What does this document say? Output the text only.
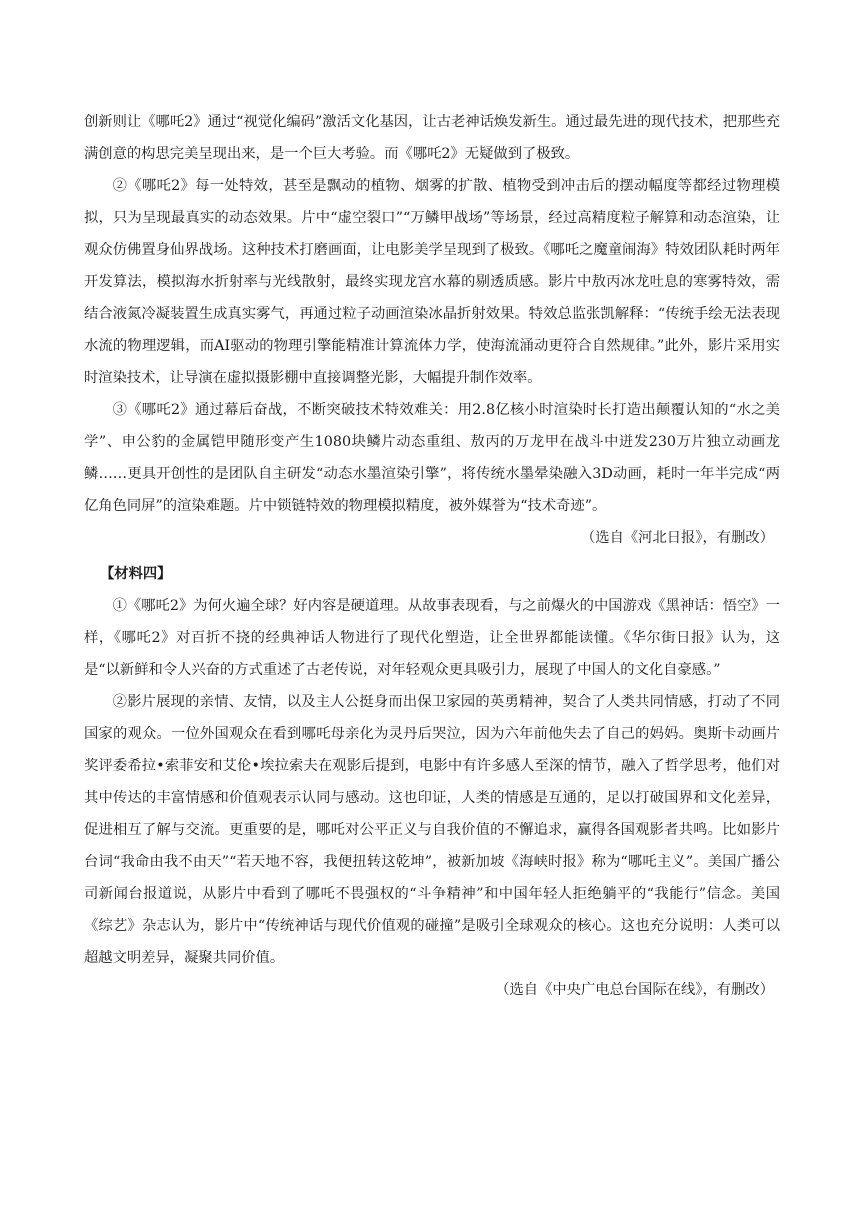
创新则让《哪吒2》通过“视觉化编码”激活文化基因，让古老神话焕发新生。通过最先进的现代技术，把那些充满创意的构思完美呈现出来，是一个巨大考验。而《哪吒2》无疑做到了极致。

②《哪吒2》每一处特效，甚至是飘动的植物、烟雾的扩散、植物受到冲击后的摆动幅度等都经过物理模拟，只为呈现最真实的动态效果。片中“虚空裂口”“万鳞甲战场”等场景，经过高精度粒子解算和动态渲染，让观众仿佛置身仙界战场。这种技术打磨画面，让电影美学呈现到了极致。《哪吒之魔童闹海》特效团队耗时两年开发算法，模拟海水折射率与光线散射，最终实现龙宫水幕的剔透质感。影片中敖丙冰龙吐息的寒雾特效，需结合液氮冷凝装置生成真实雾气，再通过粒子动画渲染冰晶折射效果。特效总监张凯解释：“传统手绘无法表现水流的物理逻辑，而AI驱动的物理引擎能精准计算流体力学，使海流涌动更符合自然规律。”此外，影片采用实时渲染技术，让导演在虚拟摄影棚中直接调整光影，大幅提升制作效率。

③《哪吒2》通过幕后奋战，不断突破技术特效难关：用2.8亿核小时渲染时长打造出颠覆认知的“水之美学”、申公豹的金属铠甲随形变产生1080块鳞片动态重组、敖丙的万龙甲在战斗中迸发230万片独立动画龙鳞……更具开创性的是团队自主研发“动态水墨渲染引擎”，将传统水墨晕染融入3D动画，耗时一年半完成“两亿角色同屏”的渲染难题。片中锁链特效的物理模拟精度，被外媒誉为“技术奇迹”。

（选自《河北日报》，有删改）

【材料四】

①《哪吒2》为何火遍全球？好内容是硬道理。从故事表现看，与之前爆火的中国游戏《黑神话：悟空》一样，《哪吒2》对百折不挠的经典神话人物进行了现代化塑造，让全世界都能读懂。《华尔街日报》认为，这是“以新鲜和令人兴奋的方式重述了古老传说，对年轻观众更具吸引力，展现了中国人的文化自豪感。”

②影片展现的亲情、友情，以及主人公挺身而出保卫家园的英勇精神，契合了人类共同情感，打动了不同国家的观众。一位外国观众在看到哪吒母亲化为灵丹后哭泣，因为六年前他失去了自己的妈妈。奥斯卡动画片奖评委希拉•索菲安和艾伦•埃拉索夫在观影后提到，电影中有许多感人至深的情节，融入了哲学思考，他们对其中传达的丰富情感和价值观表示认同与感动。这也印证，人类的情感是互通的，足以打破国界和文化差异，促进相互了解与交流。更重要的是，哪吒对公平正义与自我价值的不懈追求，赢得各国观影者共鸣。比如影片台词“我命由我不由天”“若天地不容，我便扭转这乾坤”，被新加坡《海峡时报》称为“哪吒主义”。美国广播公司新闻台报道说，从影片中看到了哪吒不畏强权的“斗争精神”和中国年轻人拒绝躺平的“我能行”信念。美国《综艺》杂志认为，影片中“传统神话与现代价值观的碰撞”是吸引全球观众的核心。这也充分说明：人类可以超越文明差异，凝聚共同价值。

（选自《中央广电总台国际在线》，有删改）
